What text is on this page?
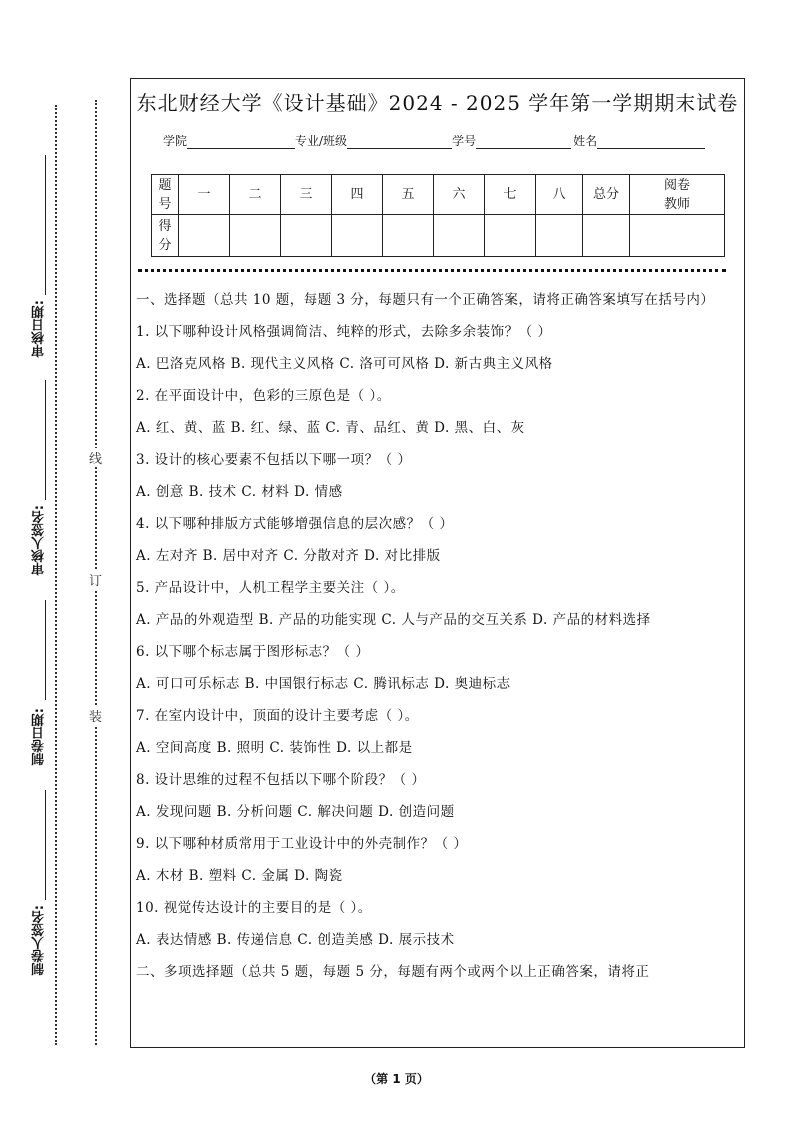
审核日期:
审核人签名:
制卷日期:
制卷人签名:
线
订
装
东北财经大学《设计基础》2024 - 2025 学年第一学期期末试卷
学院	专业/班级	学号	姓名
题
号	一	二	三	四	五	六	七	八	总分	阅卷
教师
得
分										

一、选择题（总共 10 题，每题 3 分，每题只有一个正确答案，请将正确答案填写在括号内）

1. 以下哪种设计风格强调简洁、纯粹的形式，去除多余装饰？（ ）

A. 巴洛克风格 B. 现代主义风格 C. 洛可可风格 D. 新古典主义风格

2. 在平面设计中，色彩的三原色是（ ）。

A. 红、黄、蓝 B. 红、绿、蓝 C. 青、品红、黄 D. 黑、白、灰

3. 设计的核心要素不包括以下哪一项？（ ）

A. 创意 B. 技术 C. 材料 D. 情感

4. 以下哪种排版方式能够增强信息的层次感？（ ）

A. 左对齐 B. 居中对齐 C. 分散对齐 D. 对比排版

5. 产品设计中，人机工程学主要关注（ ）。

A. 产品的外观造型 B. 产品的功能实现 C. 人与产品的交互关系 D. 产品的材料选择

6. 以下哪个标志属于图形标志？（ ）

A. 可口可乐标志 B. 中国银行标志 C. 腾讯标志 D. 奥迪标志

7. 在室内设计中，顶面的设计主要考虑（ ）。

A. 空间高度 B. 照明 C. 装饰性 D. 以上都是

8. 设计思维的过程不包括以下哪个阶段？（ ）

A. 发现问题 B. 分析问题 C. 解决问题 D. 创造问题

9. 以下哪种材质常用于工业设计中的外壳制作？（ ）

A. 木材 B. 塑料 C. 金属 D. 陶瓷

10. 视觉传达设计的主要目的是（ ）。

A. 表达情感 B. 传递信息 C. 创造美感 D. 展示技术

二、多项选择题（总共 5 题，每题 5 分，每题有两个或两个以上正确答案，请将正

（第 1 页）
